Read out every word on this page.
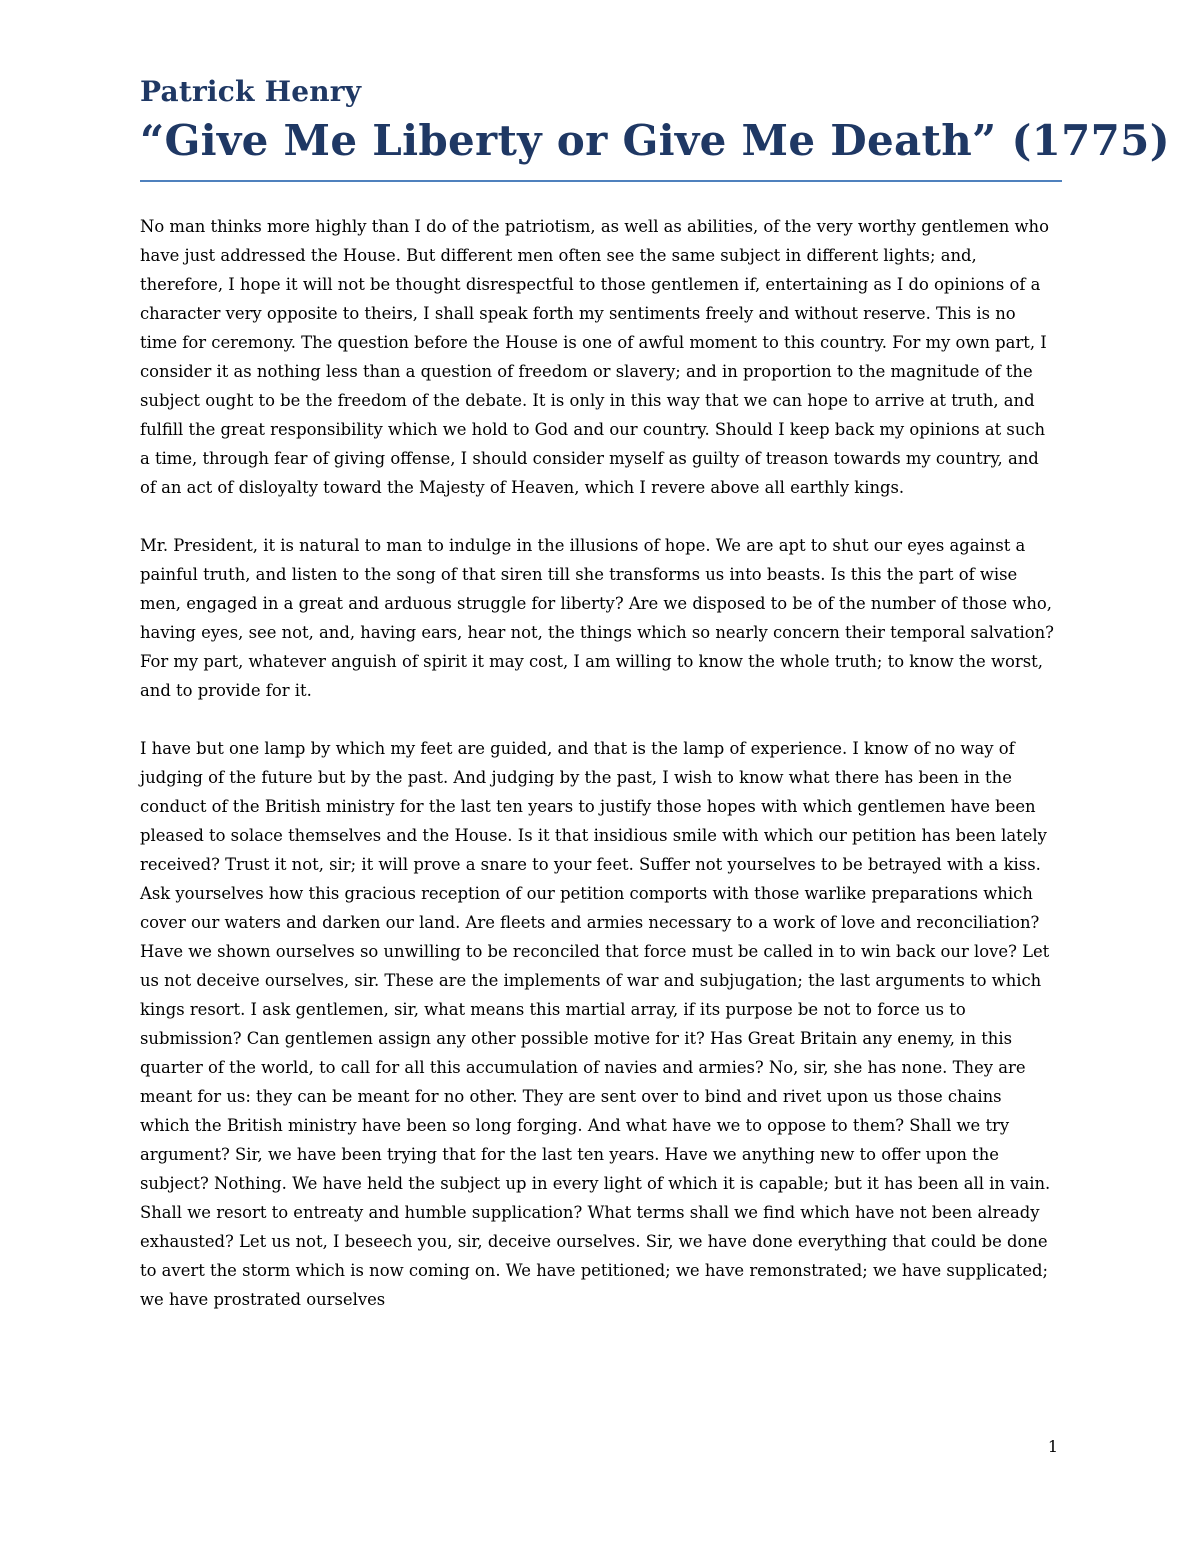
Patrick Henry
“Give Me Liberty or Give Me Death” (1775)

No man thinks more highly than I do of the patriotism, as well as abilities, of the very worthy gentlemen who have just addressed the House. But different men often see the same subject in different lights; and, therefore, I hope it will not be thought disrespectful to those gentlemen if, entertaining as I do opinions of a character very opposite to theirs, I shall speak forth my sentiments freely and without reserve. This is no time for ceremony. The question before the House is one of awful moment to this country. For my own part, I consider it as nothing less than a question of freedom or slavery; and in proportion to the magnitude of the subject ought to be the freedom of the debate. It is only in this way that we can hope to arrive at truth, and fulfill the great responsibility which we hold to God and our country. Should I keep back my opinions at such a time, through fear of giving offense, I should consider myself as guilty of treason towards my country, and of an act of disloyalty toward the Majesty of Heaven, which I revere above all earthly kings.

Mr. President, it is natural to man to indulge in the illusions of hope. We are apt to shut our eyes against a painful truth, and listen to the song of that siren till she transforms us into beasts. Is this the part of wise men, engaged in a great and arduous struggle for liberty? Are we disposed to be of the number of those who, having eyes, see not, and, having ears, hear not, the things which so nearly concern their temporal salvation? For my part, whatever anguish of spirit it may cost, I am willing to know the whole truth; to know the worst, and to provide for it.

I have but one lamp by which my feet are guided, and that is the lamp of experience. I know of no way of judging of the future but by the past. And judging by the past, I wish to know what there has been in the conduct of the British ministry for the last ten years to justify those hopes with which gentlemen have been pleased to solace themselves and the House. Is it that insidious smile with which our petition has been lately received? Trust it not, sir; it will prove a snare to your feet. Suffer not yourselves to be betrayed with a kiss. Ask yourselves how this gracious reception of our petition comports with those warlike preparations which cover our waters and darken our land. Are fleets and armies necessary to a work of love and reconciliation? Have we shown ourselves so unwilling to be reconciled that force must be called in to win back our love? Let us not deceive ourselves, sir. These are the implements of war and subjugation; the last arguments to which kings resort. I ask gentlemen, sir, what means this martial array, if its purpose be not to force us to submission? Can gentlemen assign any other possible motive for it? Has Great Britain any enemy, in this quarter of the world, to call for all this accumulation of navies and armies? No, sir, she has none. They are meant for us: they can be meant for no other. They are sent over to bind and rivet upon us those chains which the British ministry have been so long forging. And what have we to oppose to them? Shall we try argument? Sir, we have been trying that for the last ten years. Have we anything new to offer upon the subject? Nothing. We have held the subject up in every light of which it is capable; but it has been all in vain. Shall we resort to entreaty and humble supplication? What terms shall we find which have not been already exhausted? Let us not, I beseech you, sir, deceive ourselves. Sir, we have done everything that could be done to avert the storm which is now coming on. We have petitioned; we have remonstrated; we have supplicated; we have prostrated ourselves

1
